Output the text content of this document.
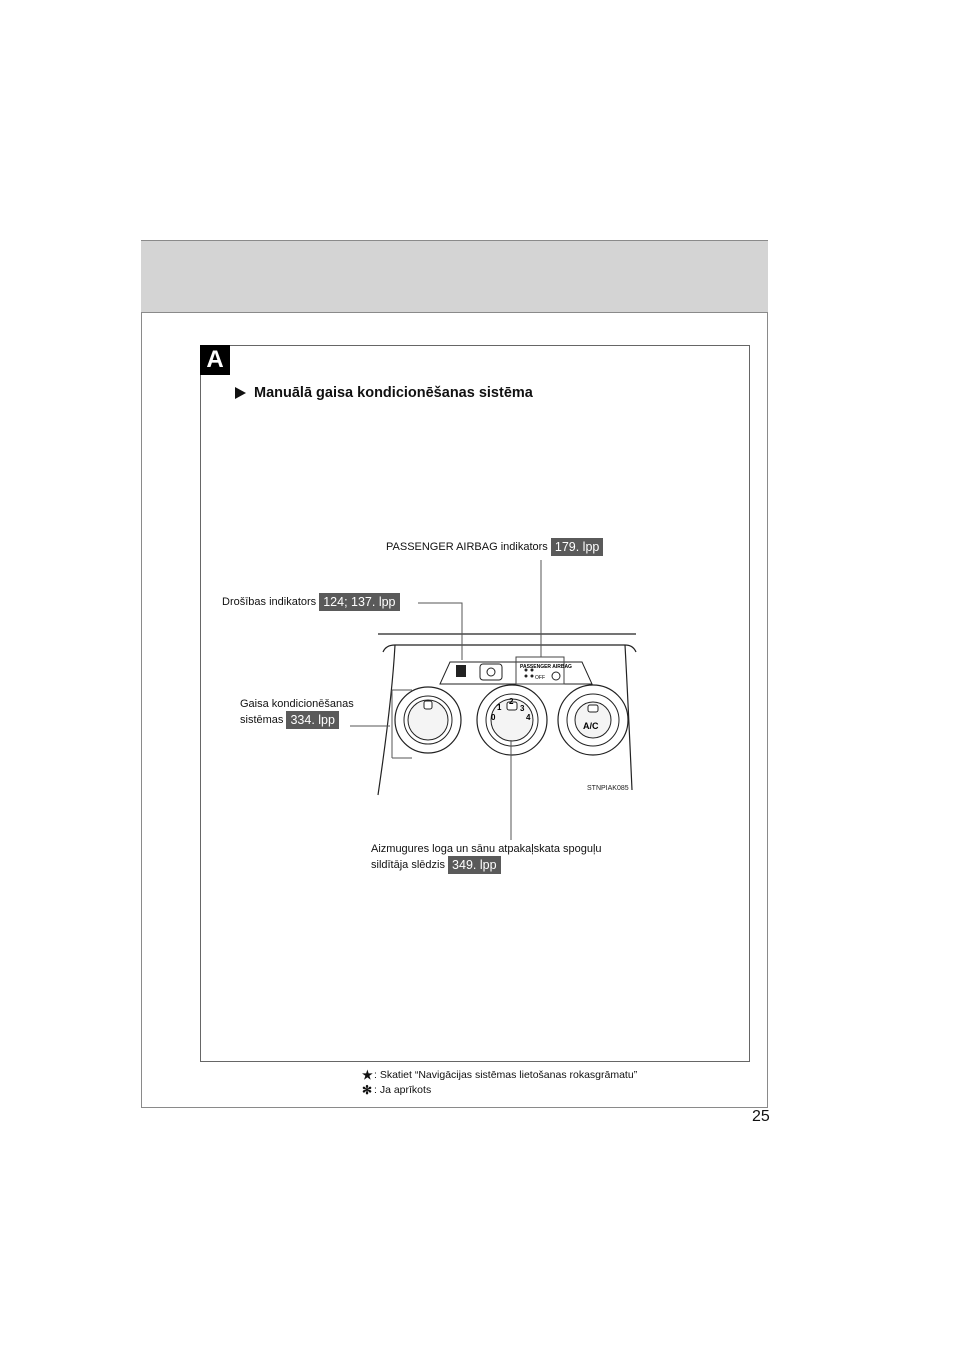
A
Manuālā gaisa kondicionēšanas sistēma
PASSENGER AIRBAG
OFF
0
1
2
3
4
A/C
PASSENGER AIRBAG indikators 179. lpp
Drošības indikators 124; 137. lpp
Gaisa kondicionēšanas
sistēmas 334. lpp
Aizmugures loga un sānu atpakaļskata spoguļu
sildītāja slēdzis 349. lpp
STNPIAK085
★ : Skatiet “Navigācijas sistēmas lietošanas rokasgrāmatu”
✻ : Ja aprīkots
25
